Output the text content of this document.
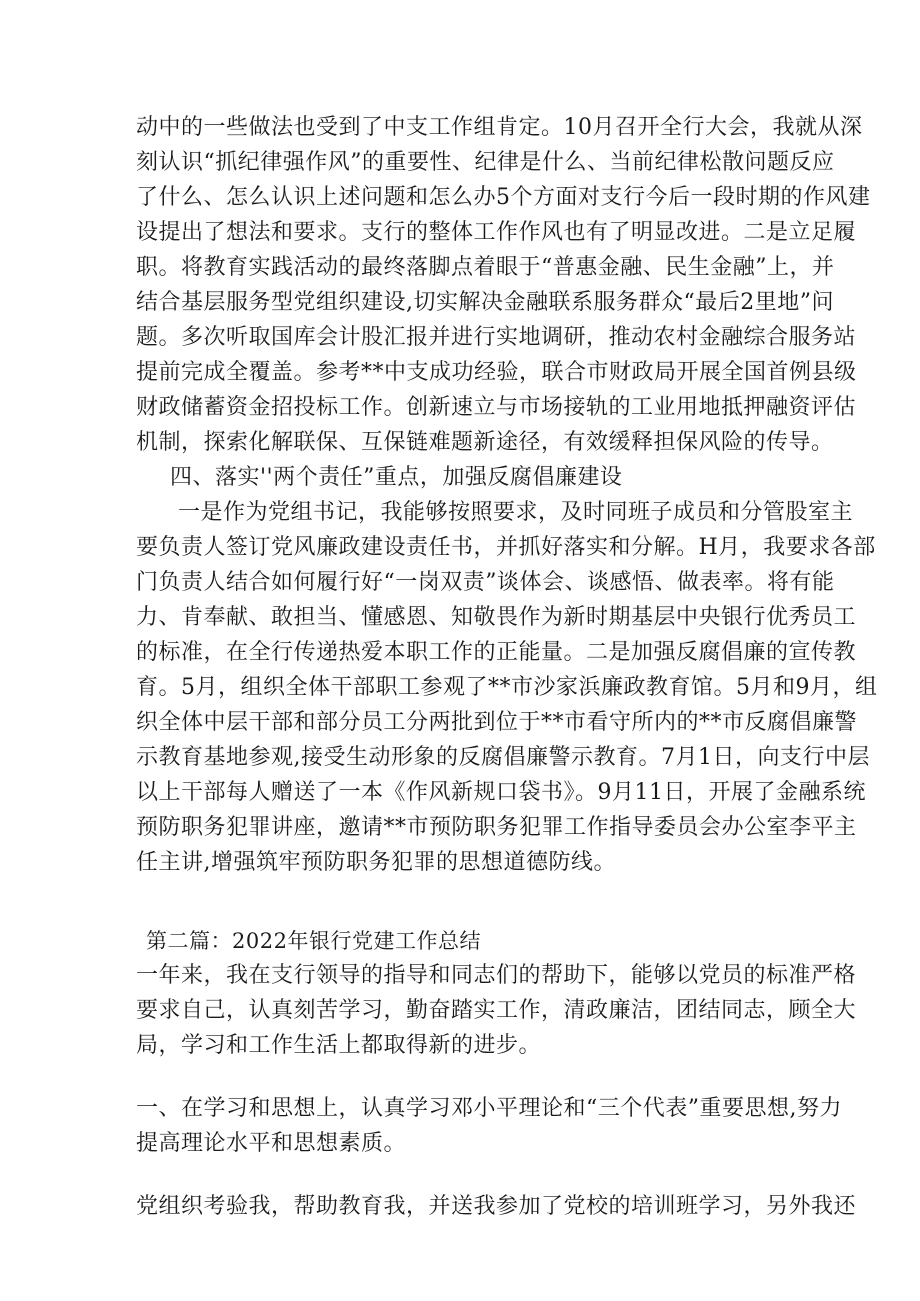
动中的一些做法也受到了中支工作组肯定。10月召开全行大会，我就从深
刻认识“抓纪律强作风”的重要性、纪律是什么、当前纪律松散问题反应
了什么、怎么认识上述问题和怎么办5个方面对支行今后一段时期的作风建
设提出了想法和要求。支行的整体工作作风也有了明显改进。二是立足履
职。将教育实践活动的最终落脚点着眼于“普惠金融、民生金融”上，并
结合基层服务型党组织建设,切实解决金融联系服务群众“最后2里地”问
题。多次听取国库会计股汇报并进行实地调研，推动农村金融综合服务站
提前完成全覆盖。参考**中支成功经验，联合市财政局开展全国首例县级
财政储蓄资金招投标工作。创新速立与市场接轨的工业用地抵押融资评估
机制，探索化解联保、互保链难题新途径，有效缓释担保风险的传导。
四、落实''两个责任”重点，加强反腐倡廉建设
一是作为党组书记，我能够按照要求，及时同班子成员和分管股室主
要负责人签订党风廉政建设责任书，并抓好落实和分解。H月，我要求各部
门负责人结合如何履行好“一岗双责”谈体会、谈感悟、做表率。将有能
力、肯奉献、敢担当、懂感恩、知敬畏作为新时期基层中央银行优秀员工
的标准，在全行传递热爱本职工作的正能量。二是加强反腐倡廉的宣传教
育。5月，组织全体干部职工参观了**市沙家浜廉政教育馆。5月和9月，组
织全体中层干部和部分员工分两批到位于**市看守所内的**市反腐倡廉警
示教育基地参观,接受生动形象的反腐倡廉警示教育。7月1日，向支行中层
以上干部每人赠送了一本《作风新规口袋书》。9月11日，开展了金融系统
预防职务犯罪讲座，邀请**市预防职务犯罪工作指导委员会办公室李平主
任主讲,增强筑牢预防职务犯罪的思想道德防线。
第二篇：2022年银行党建工作总结
一年来，我在支行领导的指导和同志们的帮助下，能够以党员的标准严格
要求自己，认真刻苦学习，勤奋踏实工作，清政廉洁，团结同志，顾全大
局，学习和工作生活上都取得新的进步。
一、在学习和思想上，认真学习邓小平理论和“三个代表”重要思想,努力
提高理论水平和思想素质。
党组织考验我，帮助教育我，并送我参加了党校的培训班学习，另外我还
